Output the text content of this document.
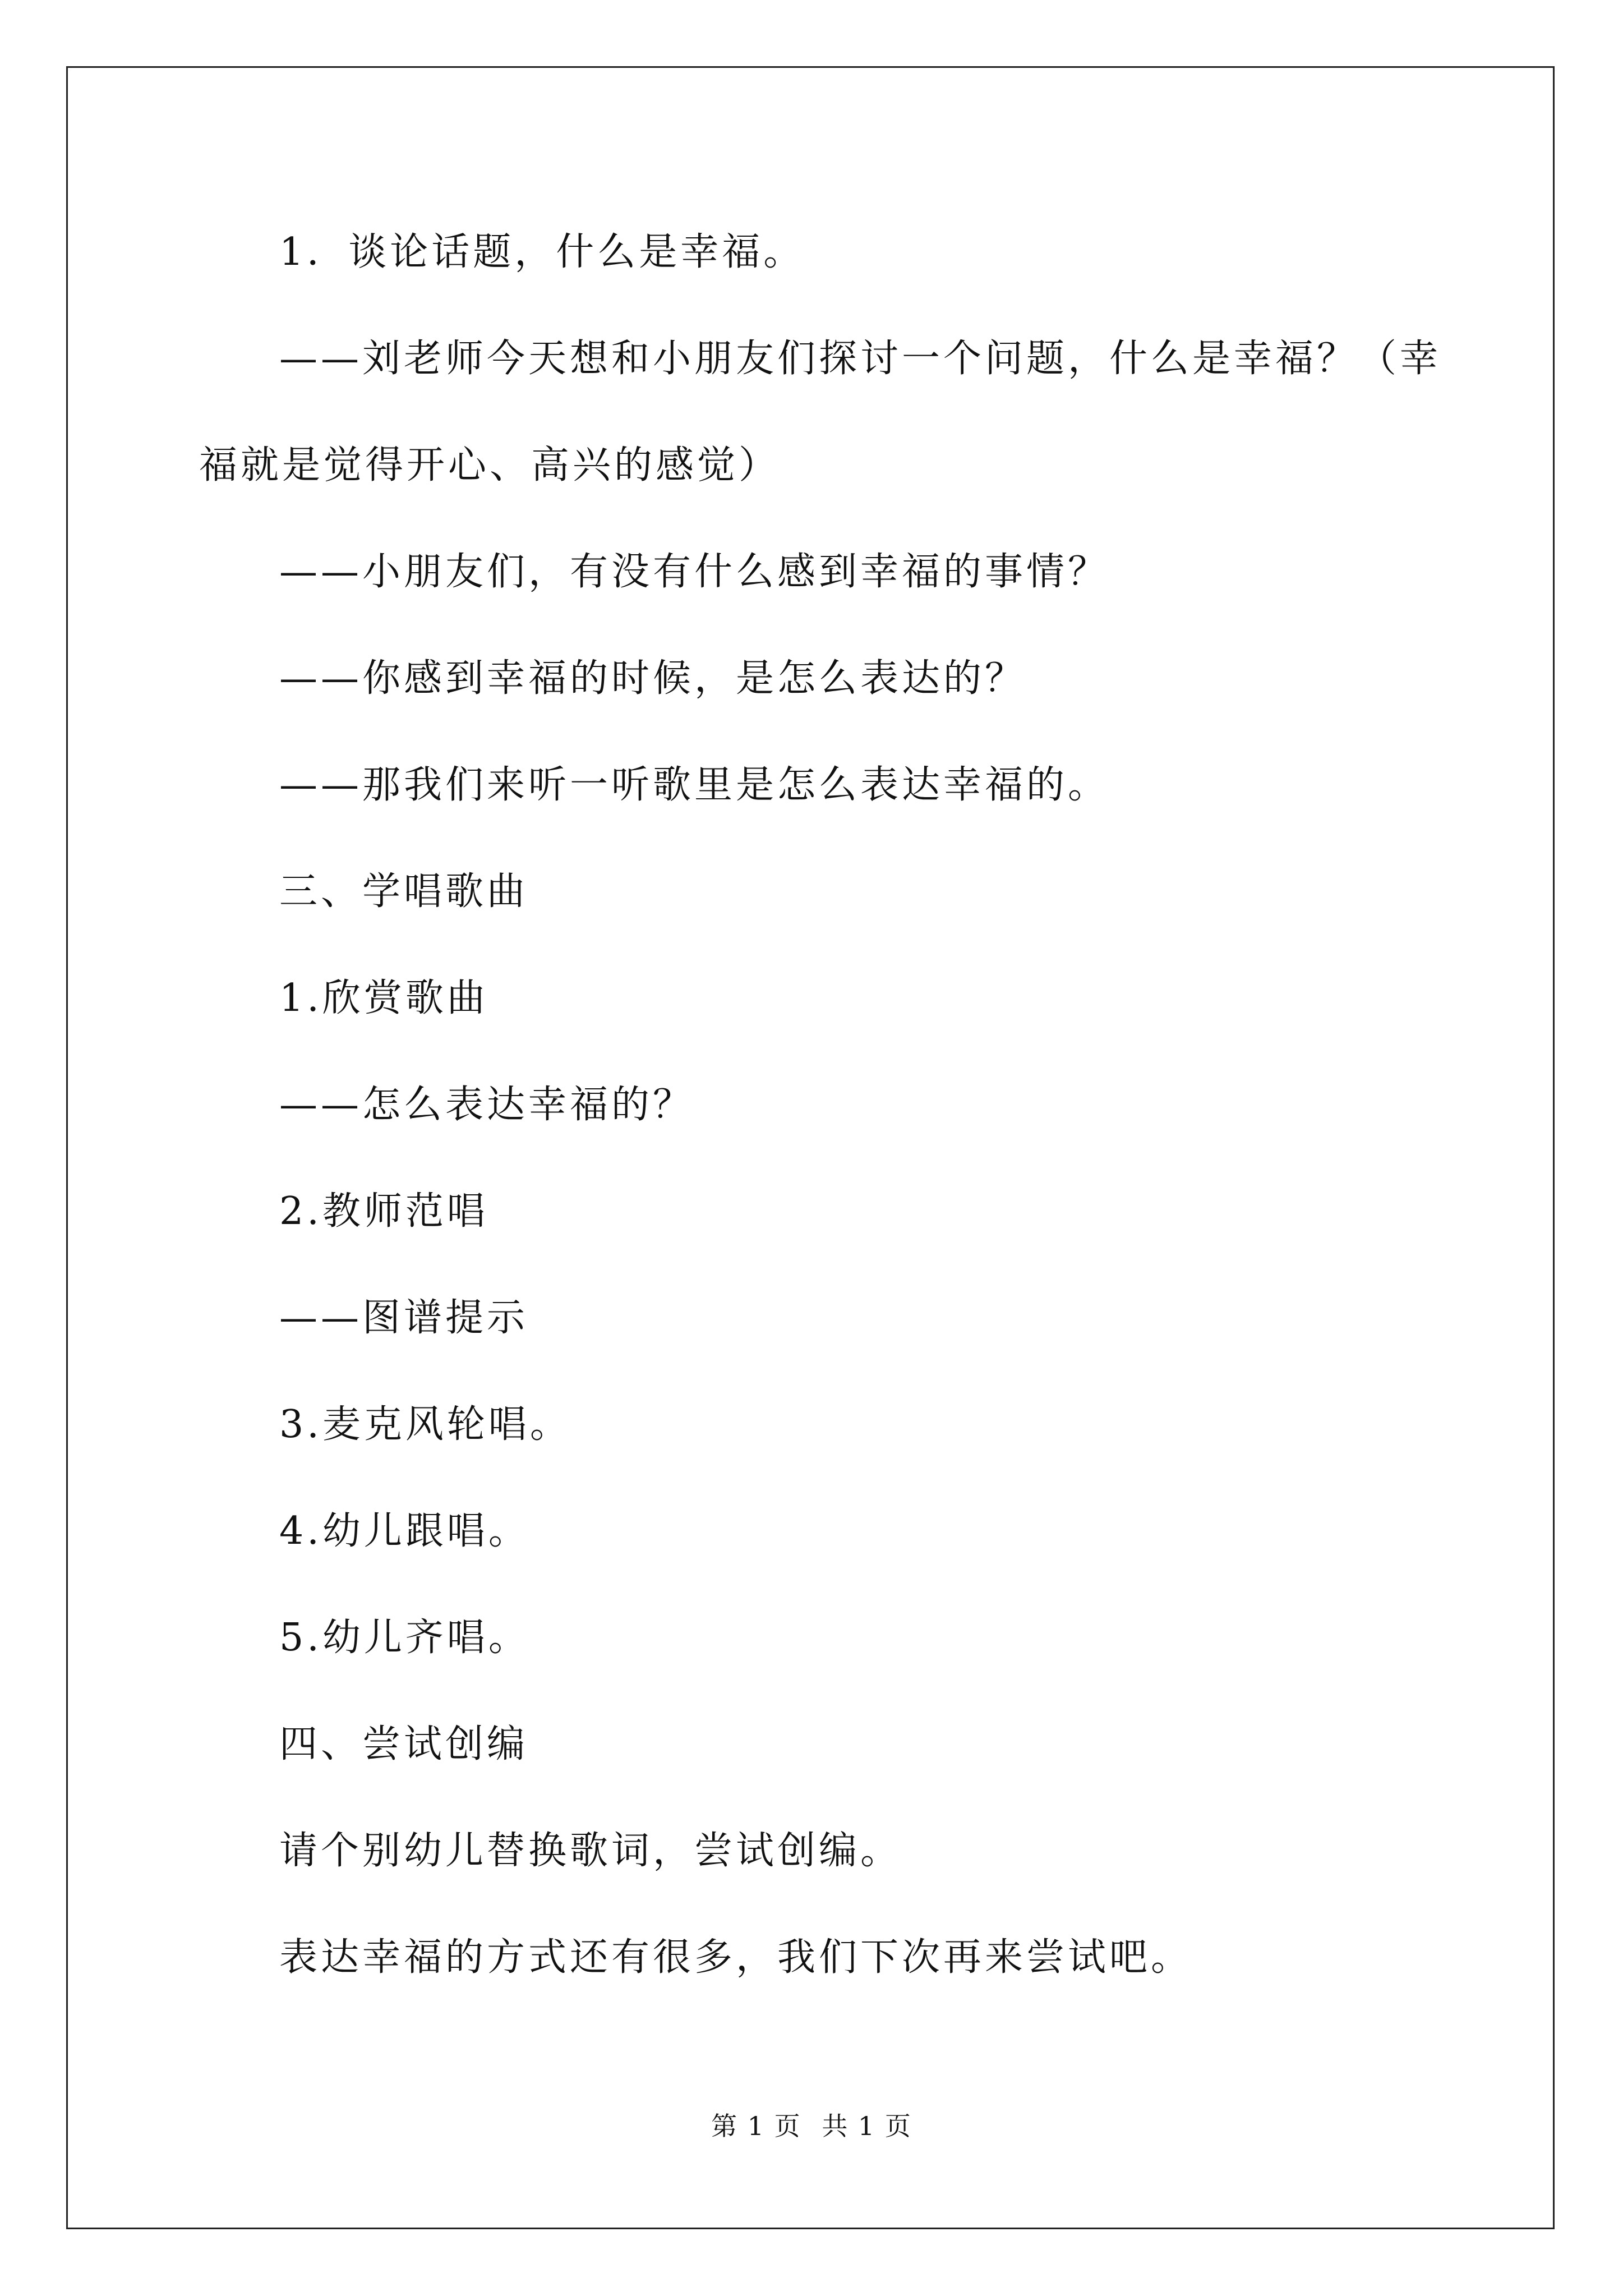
1．谈论话题，什么是幸福。
——刘老师今天想和小朋友们探讨一个问题，什么是幸福？（幸
福就是觉得开心、高兴的感觉）
——小朋友们，有没有什么感到幸福的事情？
——你感到幸福的时候，是怎么表达的？
——那我们来听一听歌里是怎么表达幸福的。
三、学唱歌曲
1.欣赏歌曲
——怎么表达幸福的？
2.教师范唱
——图谱提示
3.麦克风轮唱。
4.幼儿跟唱。
5.幼儿齐唱。
四、尝试创编
请个别幼儿替换歌词，尝试创编。
表达幸福的方式还有很多，我们下次再来尝试吧。
第 1 页 共 1 页
